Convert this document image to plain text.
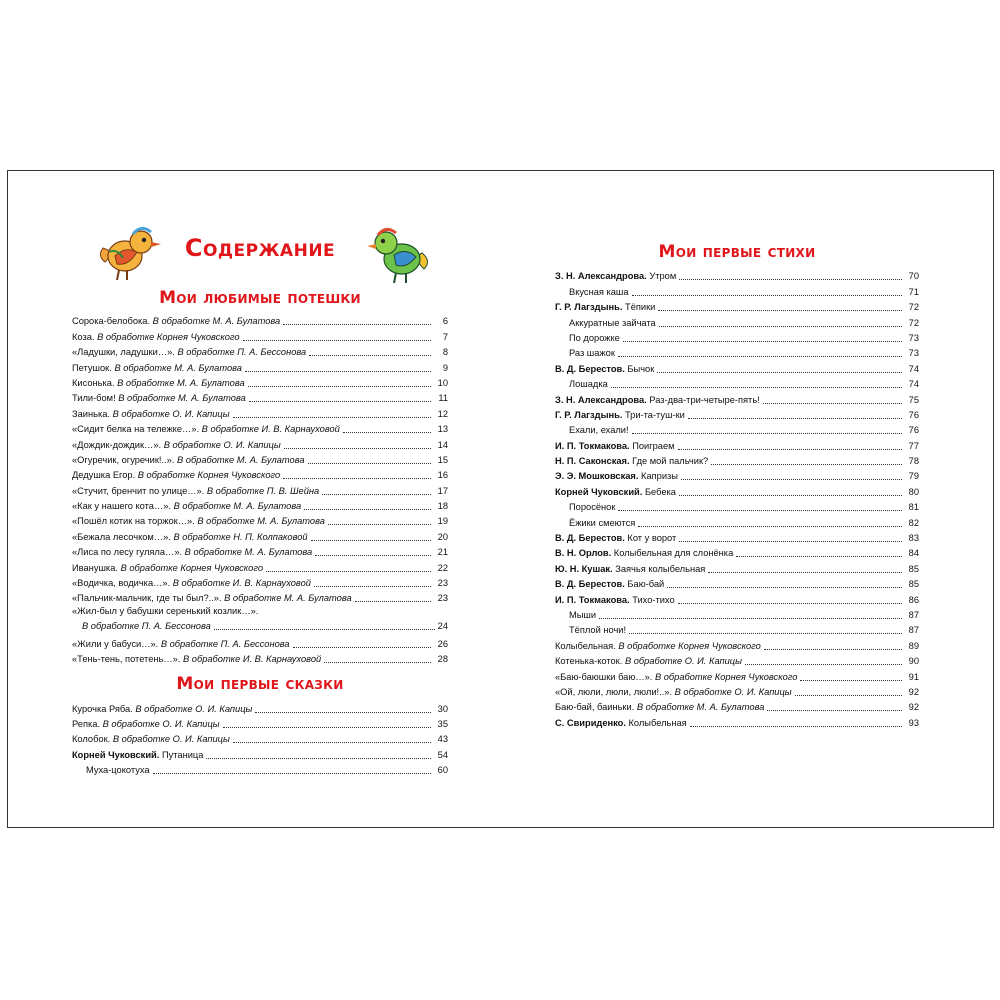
Содержание
Мои любимые потешки
Сорока-белобока. В обработке М. А. Булатова	6
Коза. В обработке Корнея Чуковского	7
«Ладушки, ладушки…». В обработке П. А. Бессонова	8
Петушок. В обработке М. А. Булатова	9
Кисонька. В обработке М. А. Булатова	10
Тили-бом! В обработке М. А. Булатова	11
Заинька. В обработке О. И. Капицы	12
«Сидит белка на тележке…». В обработке И. В. Карнауховой	13
«Дождик-дождик…». В обработке О. И. Капицы	14
«Огуречик, огуречик!..». В обработке М. А. Булатова	15
Дедушка Егор. В обработке Корнея Чуковского	16
«Стучит, бренчит по улице…». В обработке П. В. Шейна	17
«Как у нашего кота…». В обработке М. А. Булатова	18
«Пошёл котик на торжок…». В обработке М. А. Булатова	19
«Бежала лесочком…». В обработке Н. П. Колпаковой	20
«Лиса по лесу гуляла…». В обработке М. А. Булатова	21
Иванушка. В обработке Корнея Чуковского	22
«Водичка, водичка…». В обработке И. В. Карнауховой	23
«Пальчик-мальчик, где ты был?..». В обработке М. А. Булатова	23
«Жил-был у бабушки серенький козлик…».
В обработке П. А. Бессонова	24
«Жили у бабуси…». В обработке П. А. Бессонова	26
«Тень-тень, потетень…». В обработке И. В. Карнауховой	28
Мои первые сказки
Курочка Ряба. В обработке О. И. Капицы	30
Репка. В обработке О. И. Капицы	35
Колобок. В обработке О. И. Капицы	43
Корней Чуковский. Путаница	54
Муха-цокотуха	60
Мои первые стихи
З. Н. Александрова. Утром	70
Вкусная каша	71
Г. Р. Лагздынь. Тёпики	72
Аккуратные зайчата	72
По дорожке	73
Раз шажок	73
В. Д. Берестов. Бычок	74
Лошадка	74
З. Н. Александрова. Раз-два-три-четыре-пять!	75
Г. Р. Лагздынь. Три-та-туш-ки	76
Ехали, ехали!	76
И. П. Токмакова. Поиграем	77
Н. П. Саконская. Где мой пальчик?	78
Э. Э. Мошковская. Капризы	79
Корней Чуковский. Бебека	80
Поросёнок	81
Ёжики смеются	82
В. Д. Берестов. Кот у ворот	83
В. Н. Орлов. Колыбельная для слонёнка	84
Ю. Н. Кушак. Заячья колыбельная	85
В. Д. Берестов. Баю-бай	85
И. П. Токмакова. Тихо-тихо	86
Мыши	87
Тёплой ночи!	87
Колыбельная. В обработке Корнея Чуковского	89
Котенька-коток. В обработке О. И. Капицы	90
«Баю-баюшки баю…». В обработке Корнея Чуковского	91
«Ой, люли, люли, люли!..». В обработке О. И. Капицы	92
Баю-бай, баиньки. В обработке М. А. Булатова	92
С. Свириденко. Колыбельная	93
